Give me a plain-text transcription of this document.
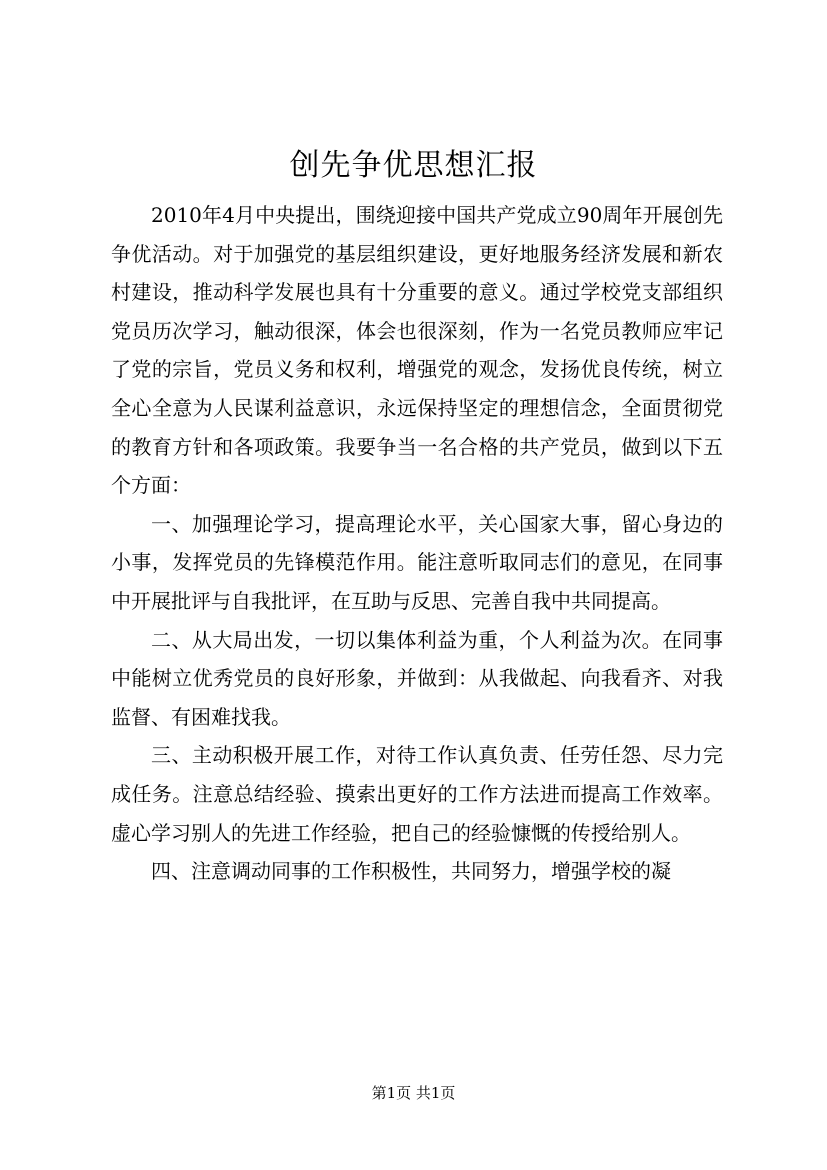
创先争优思想汇报

2010年4月中央提出，围绕迎接中国共产党成立90周年开展创先争优活动。对于加强党的基层组织建设，更好地服务经济发展和新农村建设，推动科学发展也具有十分重要的意义。通过学校党支部组织党员历次学习，触动很深，体会也很深刻，作为一名党员教师应牢记了党的宗旨，党员义务和权利，增强党的观念，发扬优良传统，树立全心全意为人民谋利益意识，永远保持坚定的理想信念，全面贯彻党的教育方针和各项政策。我要争当一名合格的共产党员，做到以下五个方面：

一、加强理论学习，提高理论水平，关心国家大事，留心身边的小事，发挥党员的先锋模范作用。能注意听取同志们的意见，在同事中开展批评与自我批评，在互助与反思、完善自我中共同提高。

二、从大局出发，一切以集体利益为重，个人利益为次。在同事中能树立优秀党员的良好形象，并做到：从我做起、向我看齐、对我监督、有困难找我。

三、主动积极开展工作，对待工作认真负责、任劳任怨、尽力完成任务。注意总结经验、摸索出更好的工作方法进而提高工作效率。虚心学习别人的先进工作经验，把自己的经验慷慨的传授给别人。

四、注意调动同事的工作积极性，共同努力，增强学校的凝

第1页 共1页
